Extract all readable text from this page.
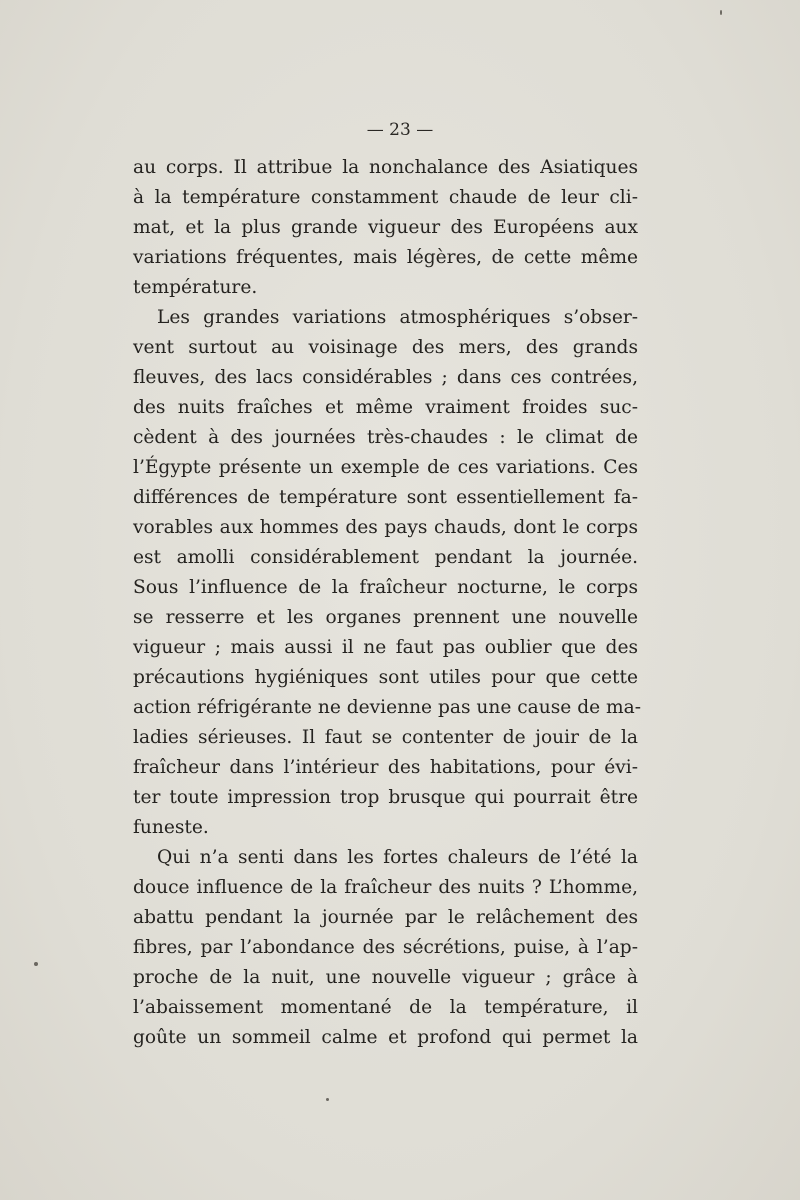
— 23 —
au corps. Il attribue la nonchalance des Asiatiques
à la température constamment chaude de leur cli-
mat, et la plus grande vigueur des Européens aux
variations fréquentes, mais légères, de cette même
température.
Les grandes variations atmosphériques s’obser-
vent surtout au voisinage des mers, des grands
fleuves, des lacs considérables ; dans ces contrées,
des nuits fraîches et même vraiment froides suc-
cèdent à des journées très-chaudes : le climat de
l’Égypte présente un exemple de ces variations. Ces
différences de température sont essentiellement fa-
vorables aux hommes des pays chauds, dont le corps
est amolli considérablement pendant la journée.
Sous l’influence de la fraîcheur nocturne, le corps
se resserre et les organes prennent une nouvelle
vigueur ; mais aussi il ne faut pas oublier que des
précautions hygiéniques sont utiles pour que cette
action réfrigérante ne devienne pas une cause de ma-
ladies sérieuses. Il faut se contenter de jouir de la
fraîcheur dans l’intérieur des habitations, pour évi-
ter toute impression trop brusque qui pourrait être
funeste.
Qui n’a senti dans les fortes chaleurs de l’été la
douce influence de la fraîcheur des nuits ? L’homme,
abattu pendant la journée par le relâchement des
fibres, par l’abondance des sécrétions, puise, à l’ap-
proche de la nuit, une nouvelle vigueur ; grâce à
l’abaissement momentané de la température, il
goûte un sommeil calme et profond qui permet la
